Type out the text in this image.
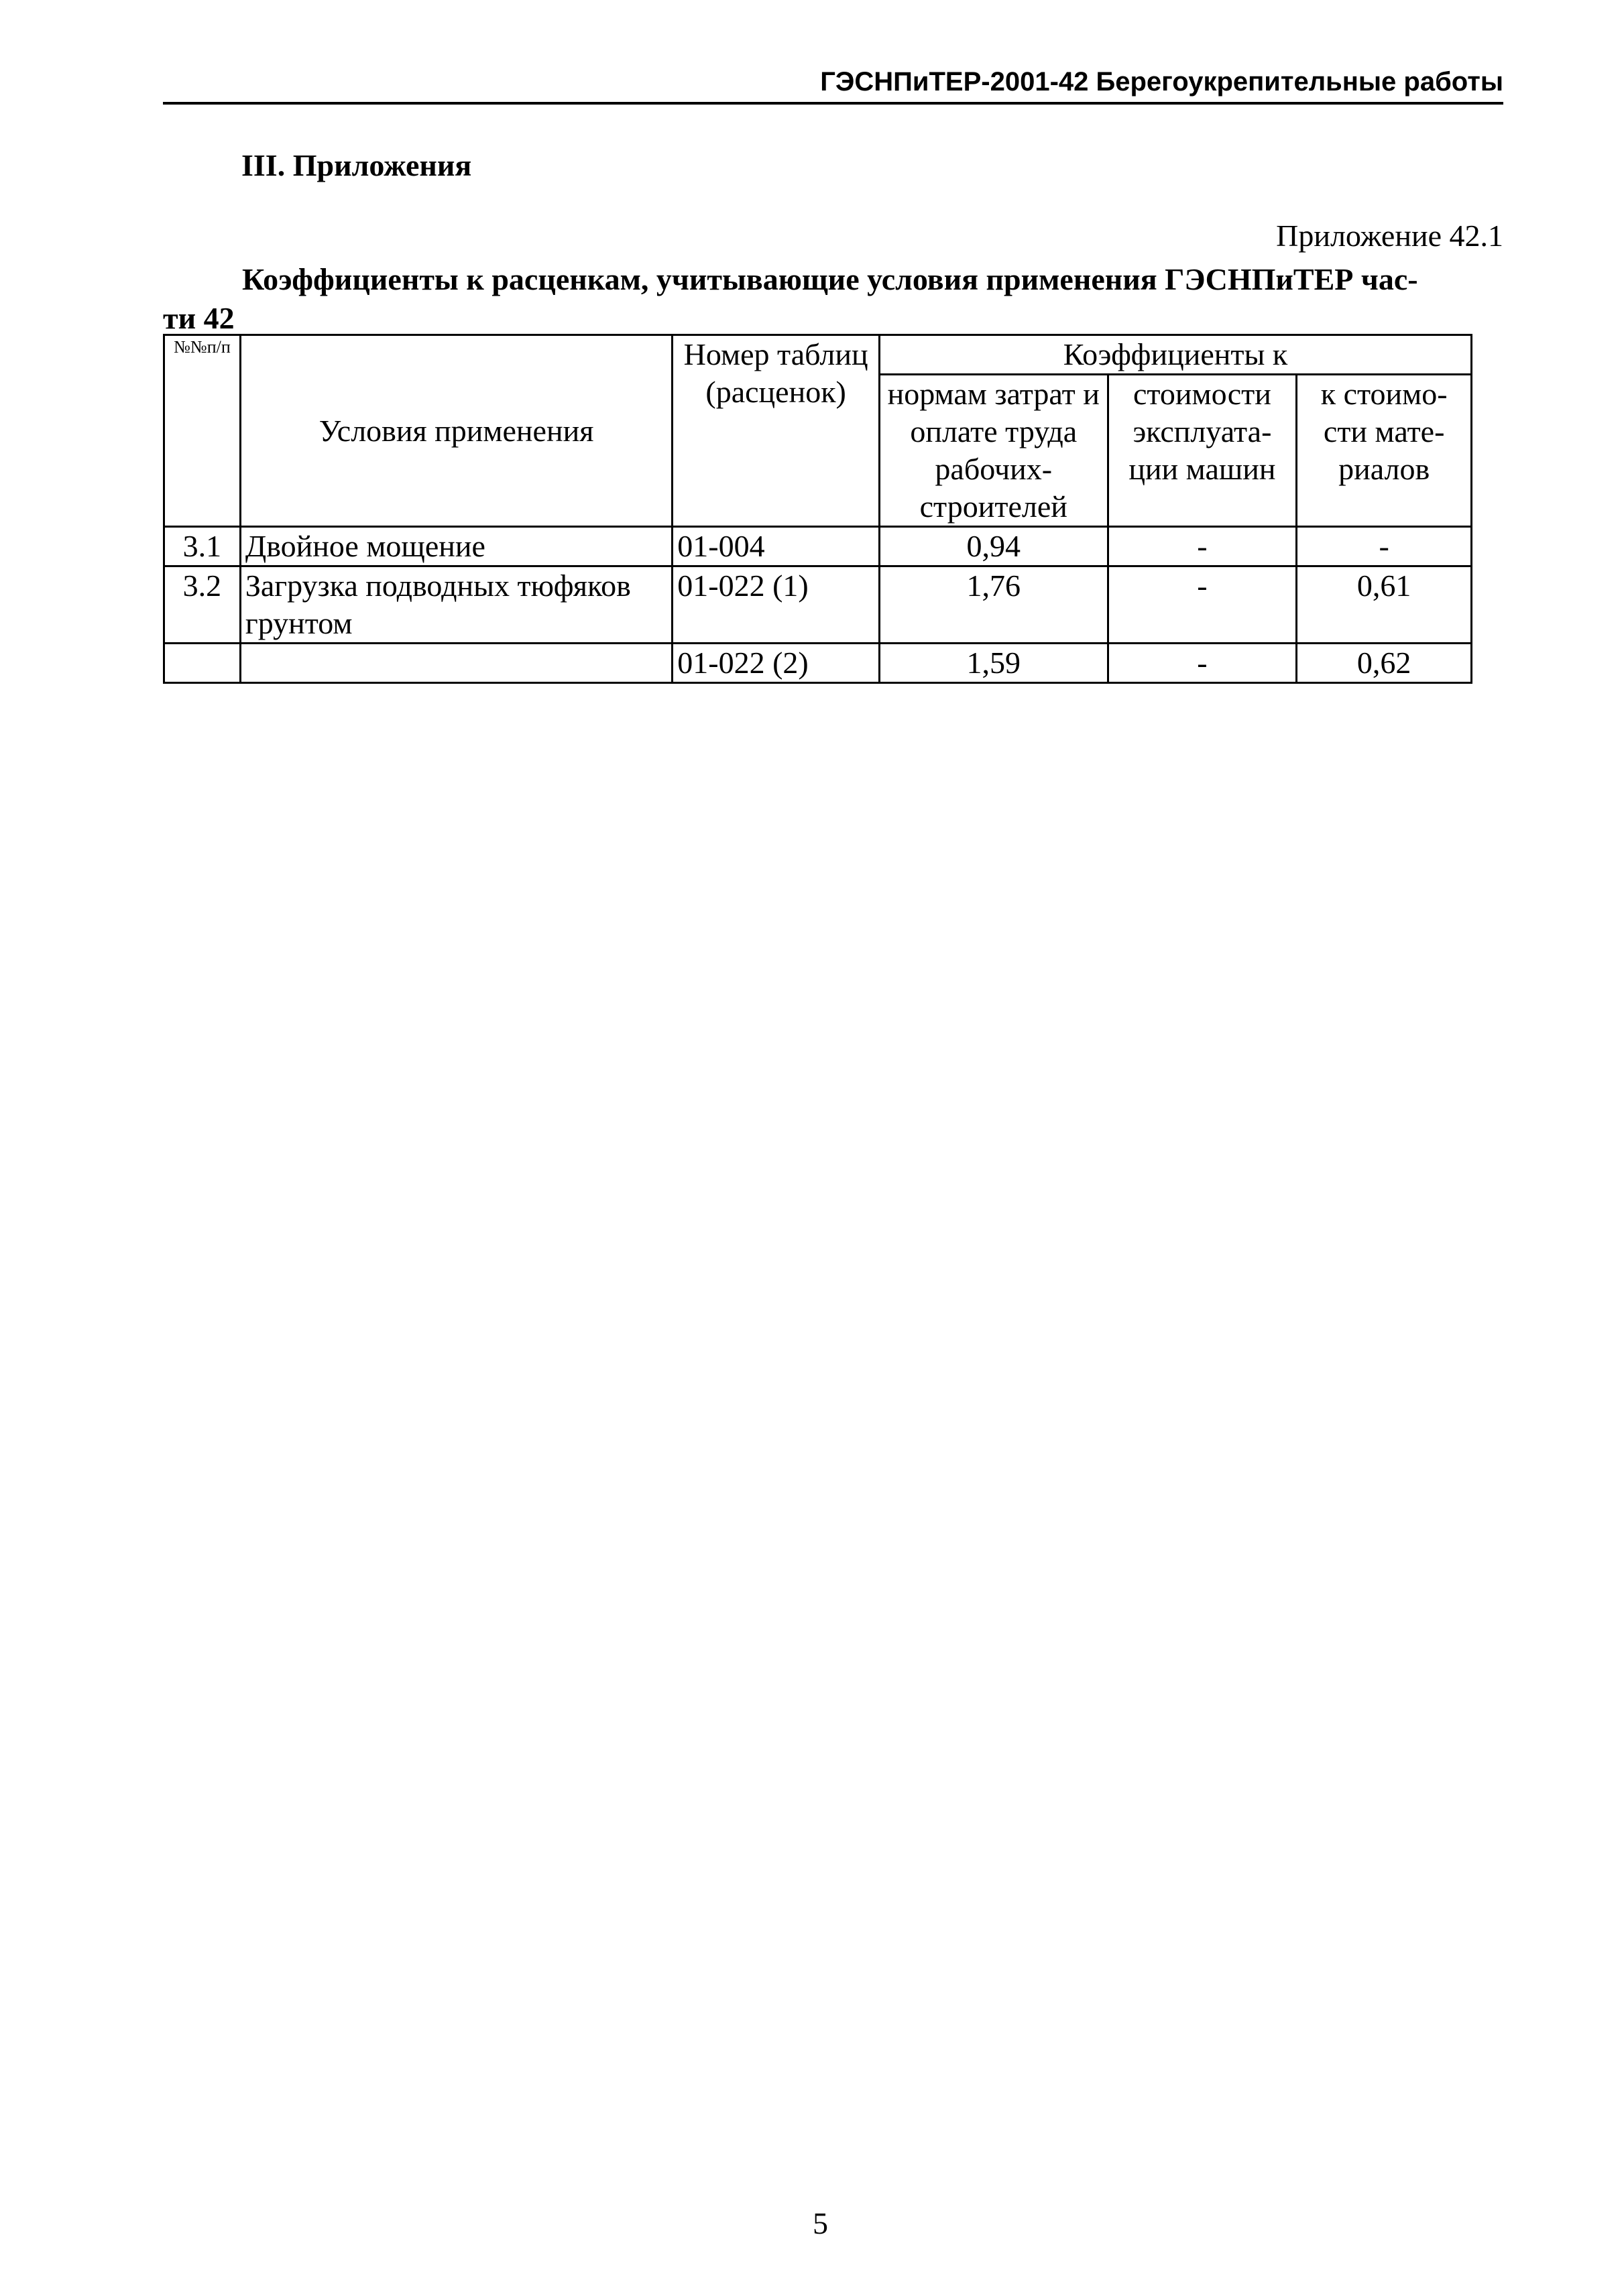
ГЭСНПиТЕР-2001-42 Берегоукрепительные работы
III. Приложения
Приложение 42.1
Коэффициенты к расценкам, учитывающие условия применения ГЭСНПиТЕР час-
ти 42
№№п/п	Условия применения	Номер таблиц (расценок)	Коэффициенты к		
			нормам затрат и оплате труда рабочих-строителей	стоимости эксплуата-ции машин	к стоимо-сти мате-риалов
3.1	Двойное мощение	01-004	0,94	-	-
3.2	Загрузка подводных тюфяков грунтом	01-022 (1)	1,76	-	0,61
		01-022 (2)	1,59	-	0,62
5
